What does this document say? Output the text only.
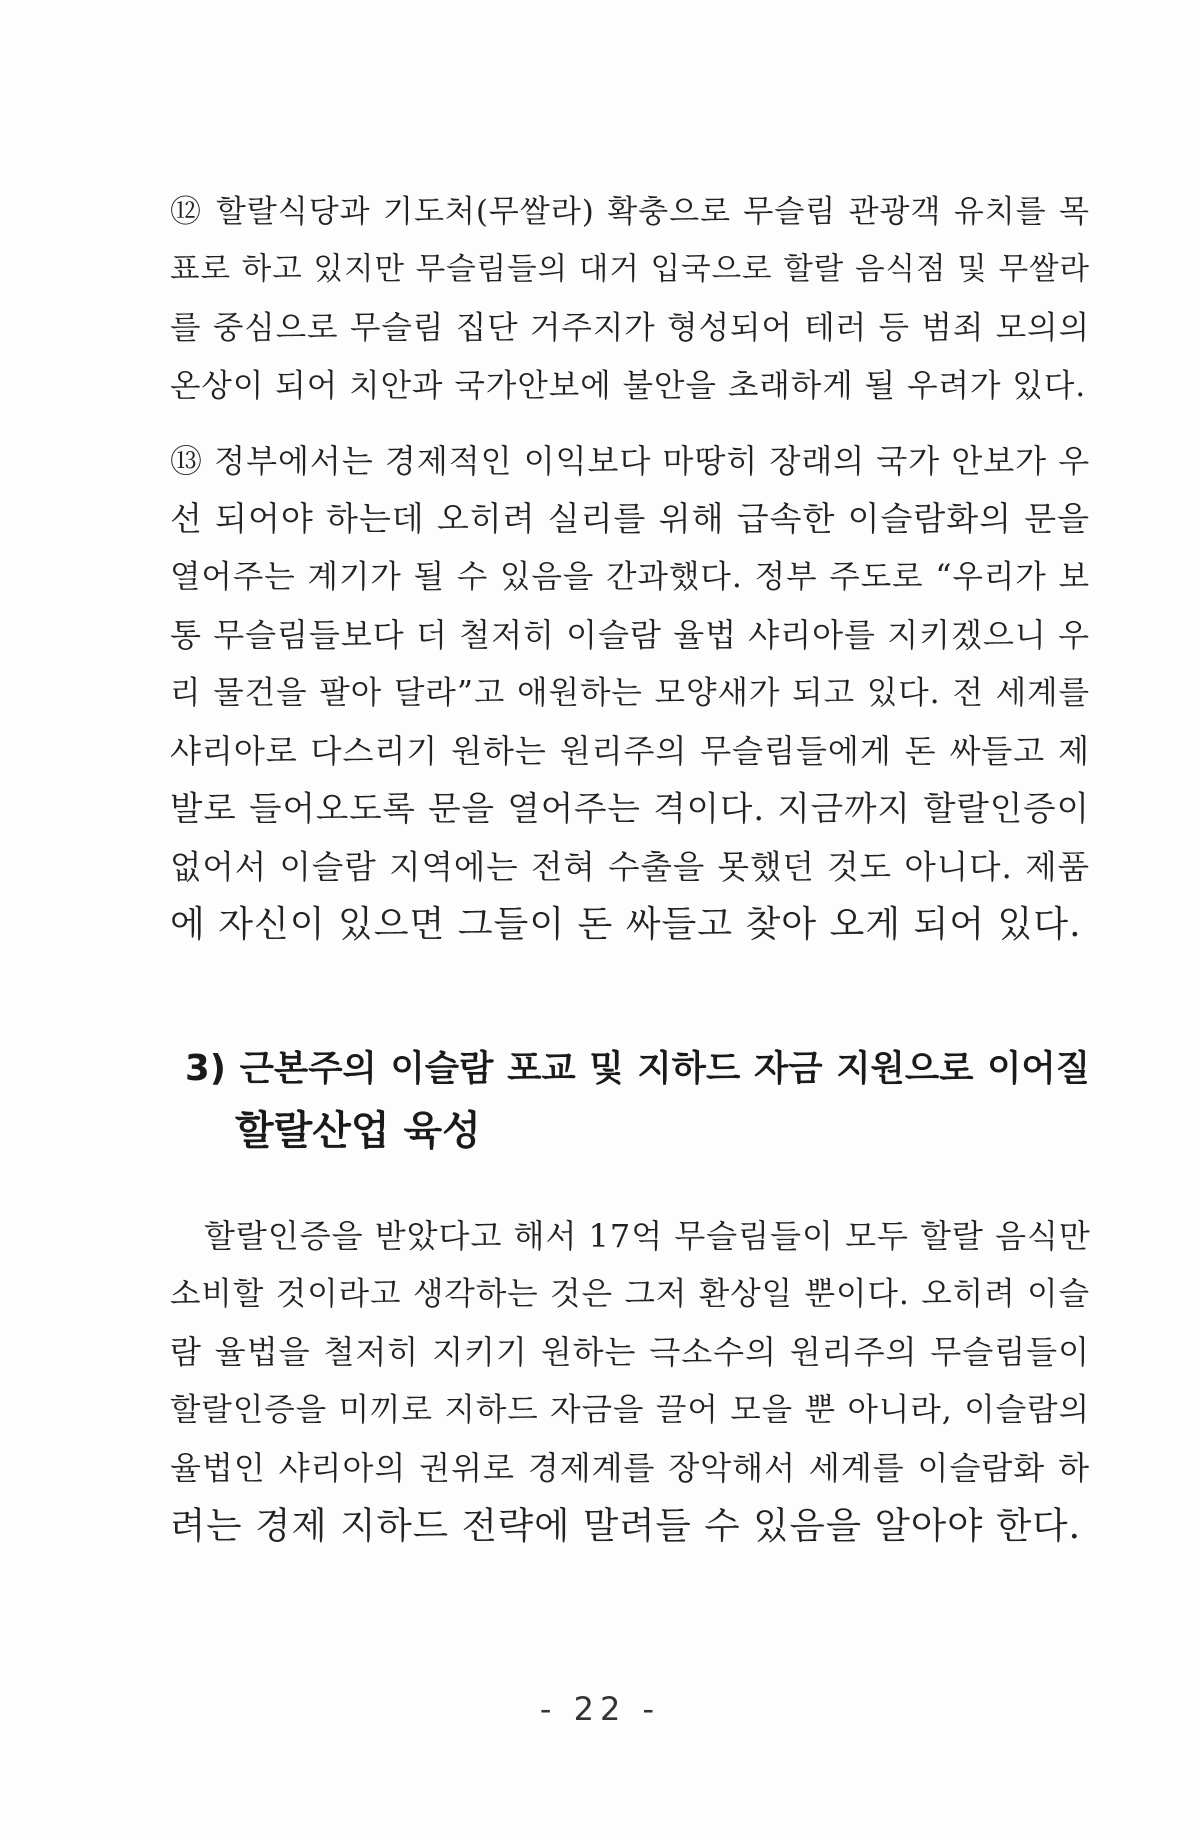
⑫ 할랄식당과 기도처(무쌀라) 확충으로 무슬림 관광객 유치를 목
표로 하고 있지만 무슬림들의 대거 입국으로 할랄 음식점 및 무쌀라
를 중심으로 무슬림 집단 거주지가 형성되어 테러 등 범죄 모의의
온상이 되어 치안과 국가안보에 불안을 초래하게 될 우려가 있다.
⑬ 정부에서는 경제적인 이익보다 마땅히 장래의 국가 안보가 우
선 되어야 하는데 오히려 실리를 위해 급속한 이슬람화의 문을
열어주는 계기가 될 수 있음을 간과했다. 정부 주도로 “우리가 보
통 무슬림들보다 더 철저히 이슬람 율법 샤리아를 지키겠으니 우
리 물건을 팔아 달라”고 애원하는 모양새가 되고 있다. 전 세계를
샤리아로 다스리기 원하는 원리주의 무슬림들에게 돈 싸들고 제
발로 들어오도록 문을 열어주는 격이다. 지금까지 할랄인증이
없어서 이슬람 지역에는 전혀 수출을 못했던 것도 아니다. 제품
에 자신이 있으면 그들이 돈 싸들고 찾아 오게 되어 있다.
3) 근본주의 이슬람 포교 및 지하드 자금 지원으로 이어질
할랄산업 육성
할랄인증을 받았다고 해서 17억 무슬림들이 모두 할랄 음식만
소비할 것이라고 생각하는 것은 그저 환상일 뿐이다. 오히려 이슬
람 율법을 철저히 지키기 원하는 극소수의 원리주의 무슬림들이
할랄인증을 미끼로 지하드 자금을 끌어 모을 뿐 아니라, 이슬람의
율법인 샤리아의 권위로 경제계를 장악해서 세계를 이슬람화 하
려는 경제 지하드 전략에 말려들 수 있음을 알아야 한다.
- 22 -
